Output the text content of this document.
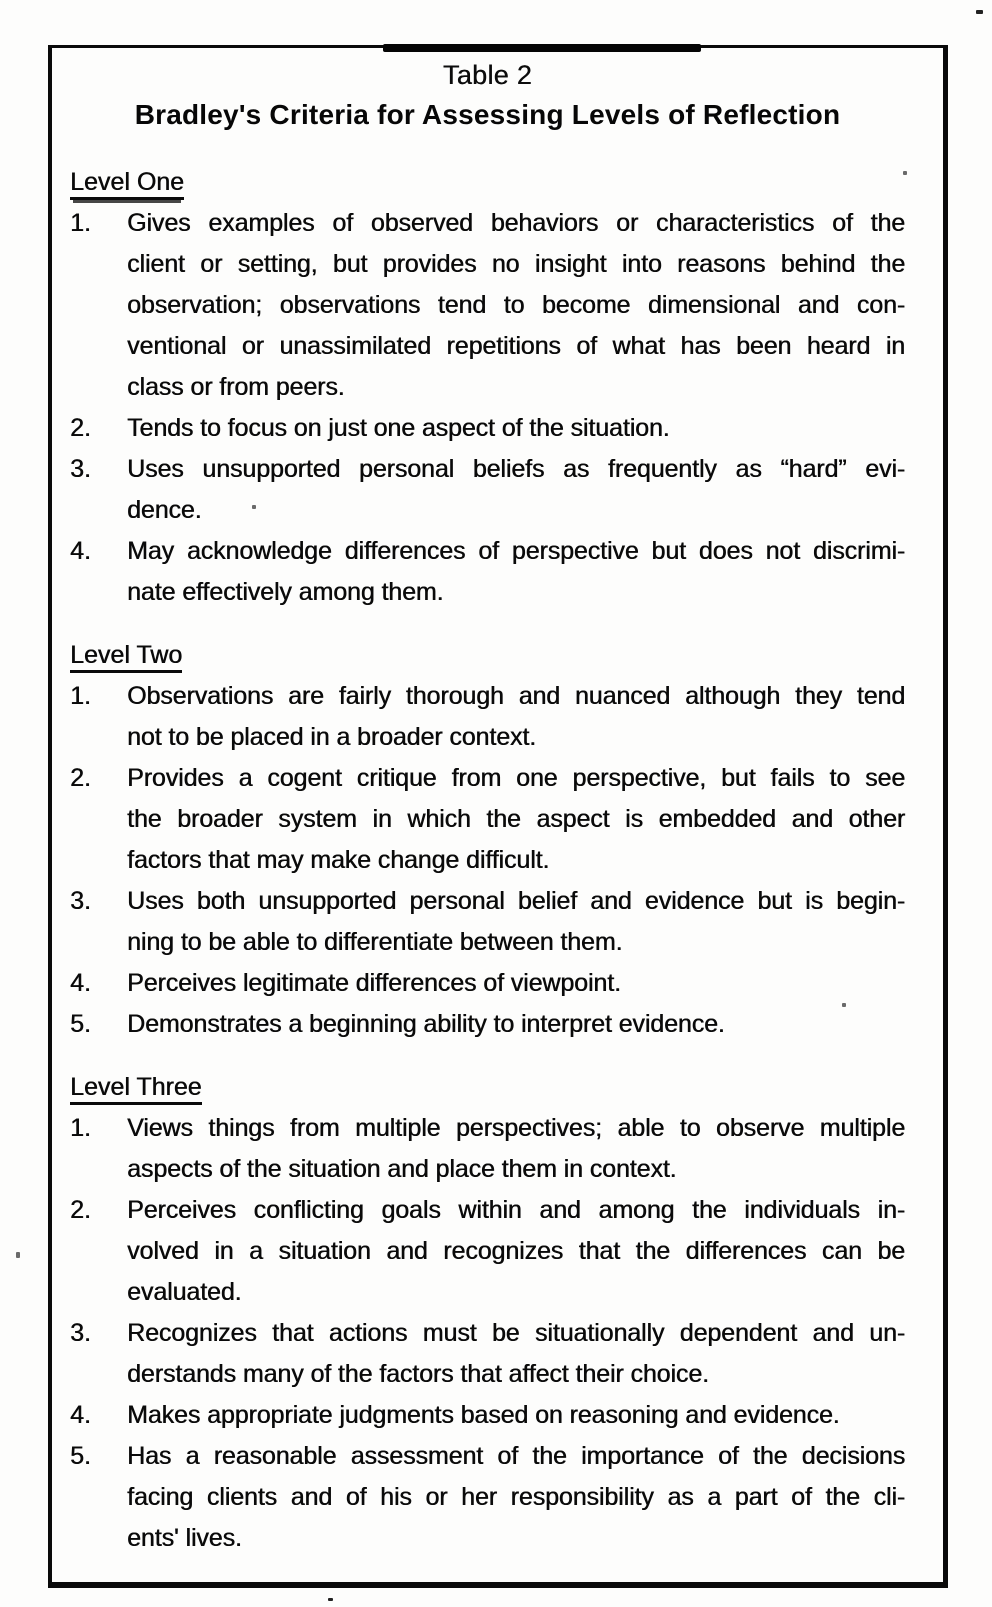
Table 2
Bradley's Criteria for Assessing Levels of Reflection
Level One
1.	Gives examples of observed behaviors or characteristics of the
client or setting, but provides no insight into reasons behind the
observation; observations tend to become dimensional and con-
ventional or unassimilated repetitions of what has been heard in
class or from peers.
2.	Tends to focus on just one aspect of the situation.
3.	Uses unsupported personal beliefs as frequently as “hard” evi-
dence.
4.	May acknowledge differences of perspective but does not discrimi-
nate effectively among them.
Level Two
1.	Observations are fairly thorough and nuanced although they tend
not to be placed in a broader context.
2.	Provides a cogent critique from one perspective, but fails to see
the broader system in which the aspect is embedded and other
factors that may make change difficult.
3.	Uses both unsupported personal belief and evidence but is begin-
ning to be able to differentiate between them.
4.	Perceives legitimate differences of viewpoint.
5.	Demonstrates a beginning ability to interpret evidence.
Level Three
1.	Views things from multiple perspectives; able to observe multiple
aspects of the situation and place them in context.
2.	Perceives conflicting goals within and among the individuals in-
volved in a situation and recognizes that the differences can be
evaluated.
3.	Recognizes that actions must be situationally dependent and un-
derstands many of the factors that affect their choice.
4.	Makes appropriate judgments based on reasoning and evidence.
5.	Has a reasonable assessment of the importance of the decisions
facing clients and of his or her responsibility as a part of the cli-
ents' lives.
